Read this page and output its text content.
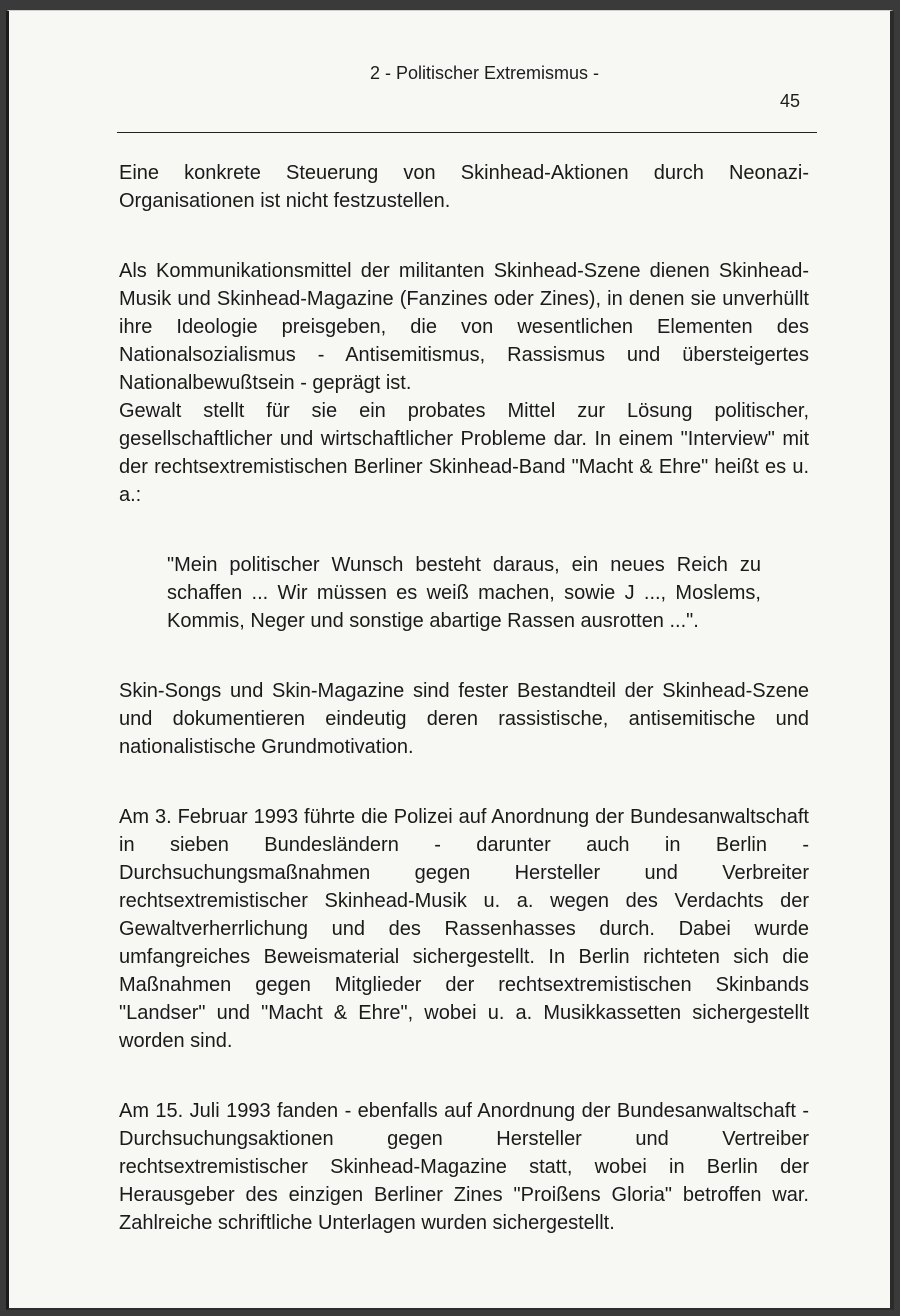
2 - Politischer Extremismus -
45

Eine konkrete Steuerung von Skinhead-Aktionen durch Neonazi-Organisationen ist nicht festzustellen.

Als Kommunikationsmittel der militanten Skinhead-Szene dienen Skinhead-Musik und Skinhead-Magazine (Fanzines oder Zines), in denen sie unverhüllt ihre Ideologie preisgeben, die von wesentlichen Elementen des Nationalsozialismus - Antisemitismus, Rassismus und übersteigertes Nationalbewußtsein - geprägt ist.

Gewalt stellt für sie ein probates Mittel zur Lösung politischer, gesellschaftlicher und wirtschaftlicher Probleme dar. In einem "Interview" mit der rechtsextremistischen Berliner Skinhead-Band "Macht & Ehre" heißt es u. a.:

"Mein politischer Wunsch besteht daraus, ein neues Reich zu schaffen ... Wir müssen es weiß machen, sowie J ..., Moslems, Kommis, Neger und sonstige abartige Rassen ausrotten ...".

Skin-Songs und Skin-Magazine sind fester Bestandteil der Skinhead-Szene und dokumentieren eindeutig deren rassistische, antisemitische und nationalistische Grundmotivation.

Am 3. Februar 1993 führte die Polizei auf Anordnung der Bundesanwaltschaft in sieben Bundesländern - darunter auch in Berlin - Durchsuchungsmaßnahmen gegen Hersteller und Verbreiter rechtsextremistischer Skinhead-Musik u. a. wegen des Verdachts der Gewaltverherrlichung und des Rassenhasses durch. Dabei wurde umfangreiches Beweismaterial sichergestellt. In Berlin richteten sich die Maßnahmen gegen Mitglieder der rechtsextremistischen Skinbands "Landser" und "Macht & Ehre", wobei u. a. Musikkassetten sichergestellt worden sind.

Am 15. Juli 1993 fanden - ebenfalls auf Anordnung der Bundesanwaltschaft - Durchsuchungsaktionen gegen Hersteller und Vertreiber rechtsextremistischer Skinhead-Magazine statt, wobei in Berlin der Herausgeber des einzigen Berliner Zines "Proißens Gloria" betroffen war. Zahlreiche schriftliche Unterlagen wurden sichergestellt.
